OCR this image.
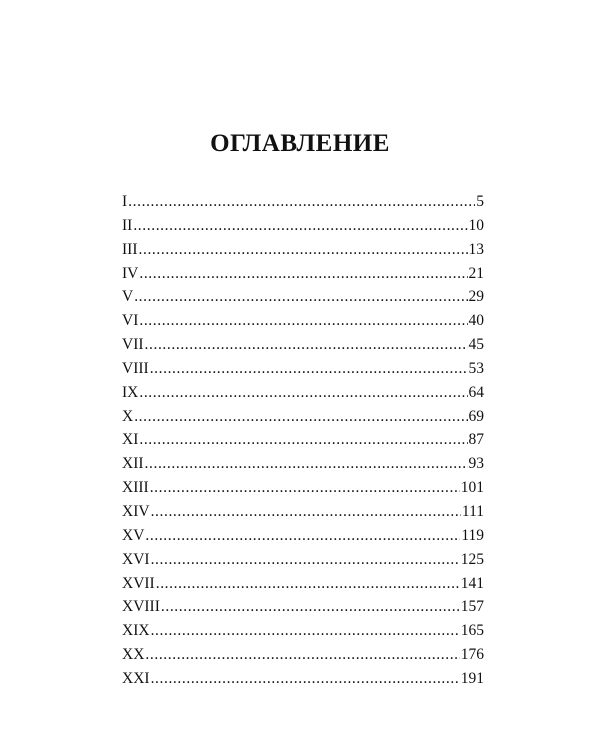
ОГЛАВЛЕНИЕ
I .....	5
II .....	10
III .....	13
IV .....	21
V .....	29
VI .....	40
VII .....	45
VIII .....	53
IX .....	64
X .....	69
XI .....	87
XII .....	93
XIII .....	101
XIV .....	111
XV .....	119
XVI .....	125
XVII .....	141
XVIII .....	157
XIX .....	165
XX .....	176
XXI .....	191
